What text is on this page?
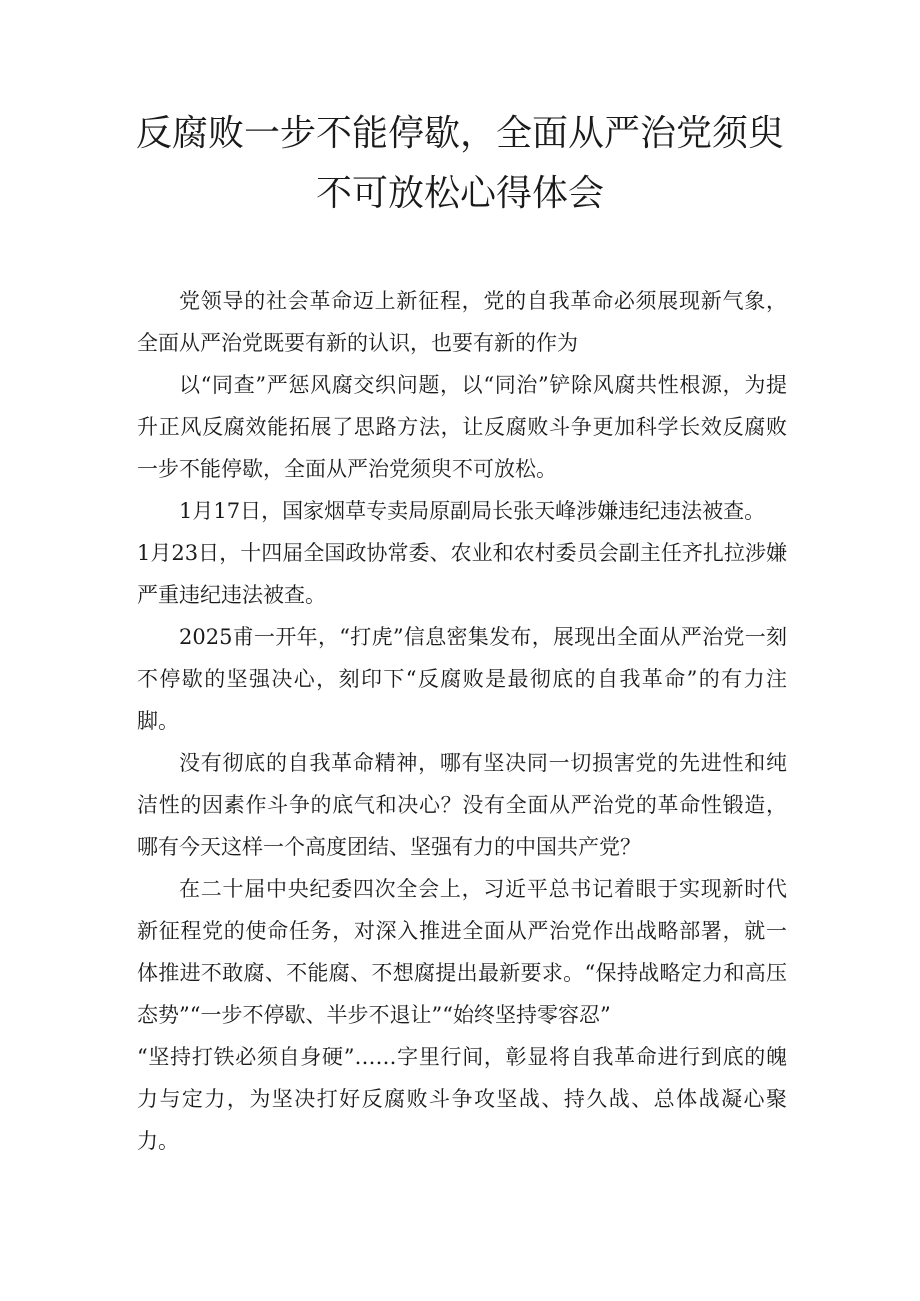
反腐败一步不能停歇，全面从严治党须臾
不可放松心得体会

党领导的社会革命迈上新征程，党的自我革命必须展现新气象，全面从严治党既要有新的认识，也要有新的作为

以“同查”严惩风腐交织问题，以“同治”铲除风腐共性根源，为提升正风反腐效能拓展了思路方法，让反腐败斗争更加科学长效反腐败一步不能停歇，全面从严治党须臾不可放松。

1月17日，国家烟草专卖局原副局长张天峰涉嫌违纪违法被查。

1月23日，十四届全国政协常委、农业和农村委员会副主任齐扎拉涉嫌严重违纪违法被查。

2025甫一开年，“打虎”信息密集发布，展现出全面从严治党一刻不停歇的坚强决心，刻印下“反腐败是最彻底的自我革命”的有力注脚。

没有彻底的自我革命精神，哪有坚决同一切损害党的先进性和纯洁性的因素作斗争的底气和决心？没有全面从严治党的革命性锻造，哪有今天这样一个高度团结、坚强有力的中国共产党？

在二十届中央纪委四次全会上，习近平总书记着眼于实现新时代新征程党的使命任务，对深入推进全面从严治党作出战略部署，就一体推进不敢腐、不能腐、不想腐提出最新要求。“保持战略定力和高压态势”“一步不停歇、半步不退让”“始终坚持零容忍”

“坚持打铁必须自身硬”……字里行间，彰显将自我革命进行到底的魄力与定力，为坚决打好反腐败斗争攻坚战、持久战、总体战凝心聚力。
